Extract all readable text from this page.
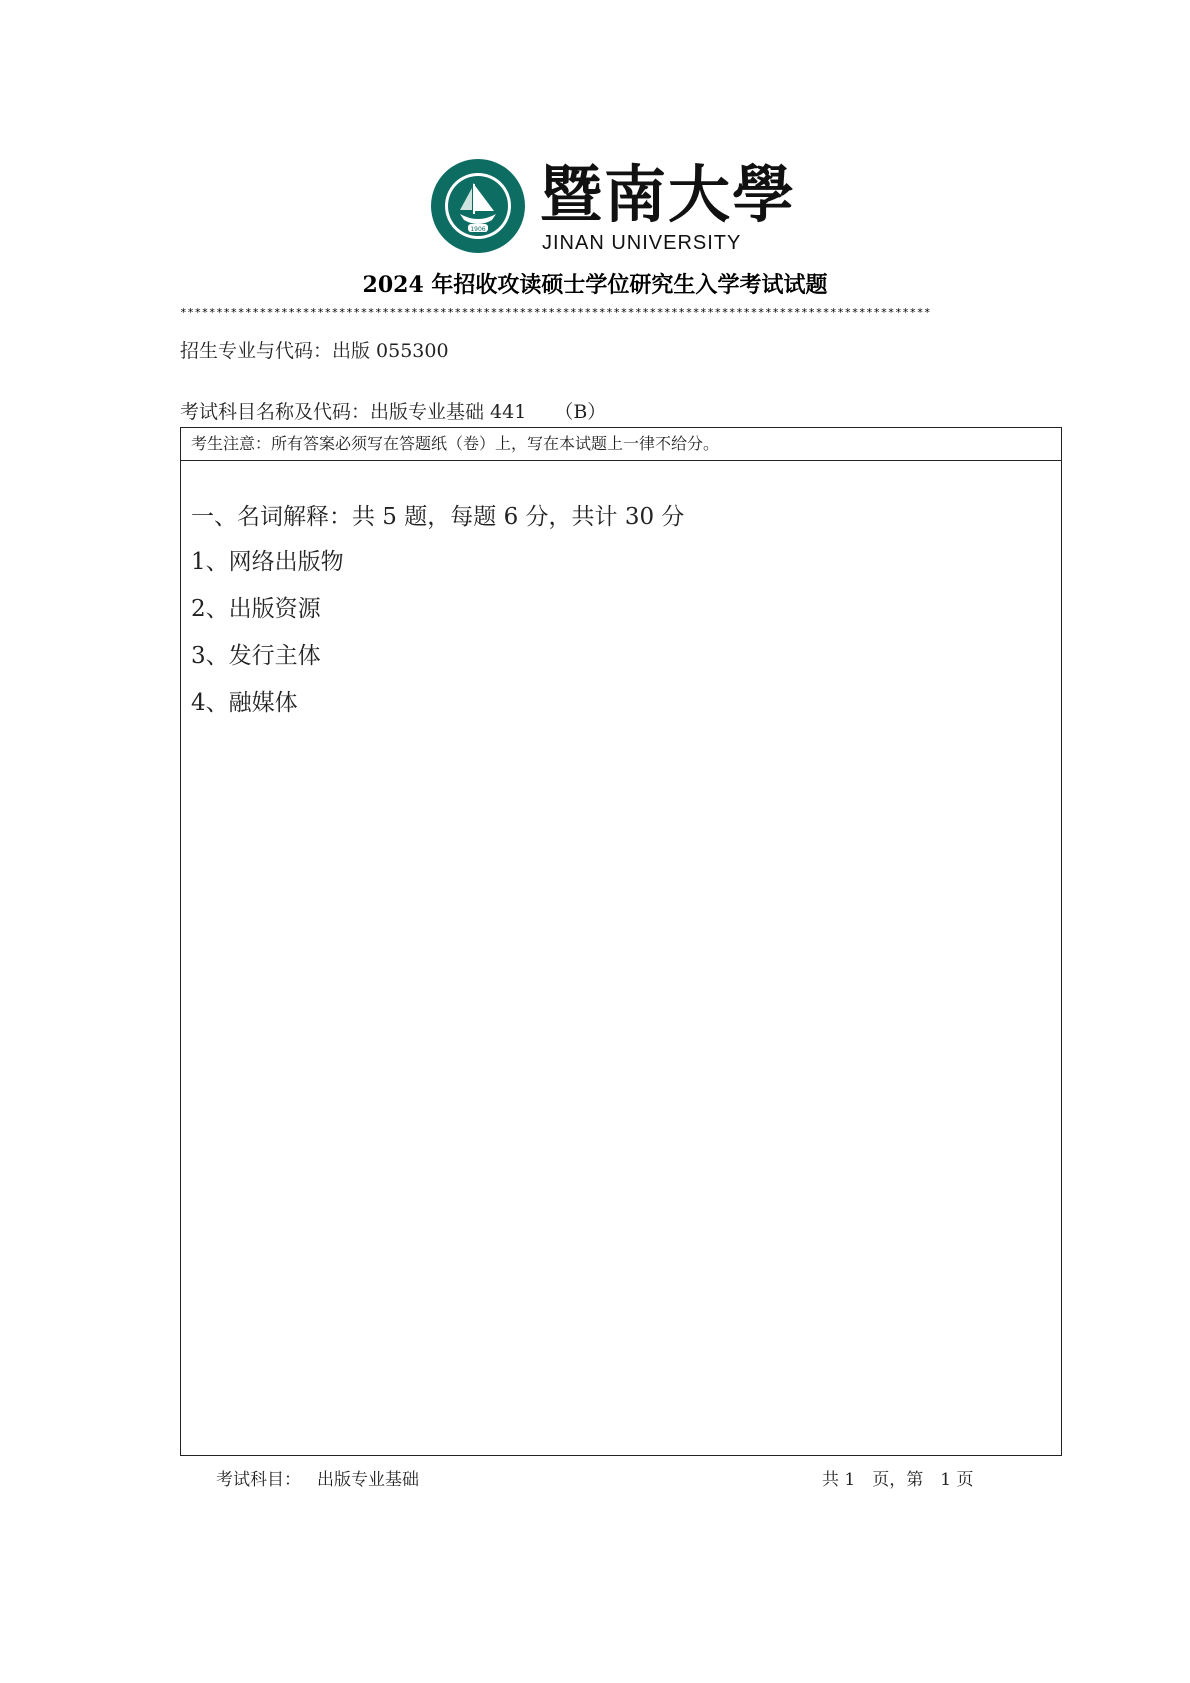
1906 暨南大學
JINAN UNIVERSITY
2024 年招收攻读硕士学位研究生入学考试试题
********************************************************************************************************
招生专业与代码：出版 055300
考试科目名称及代码：出版专业基础 441 （B）
考生注意：所有答案必须写在答题纸（卷）上，写在本试题上一律不给分。
一、名词解释：共 5 题，每题 6 分，共计 30 分
1、网络出版物
2、出版资源
3、发行主体
4、融媒体
考试科目： 出版专业基础	共 1　页，第　1 页
